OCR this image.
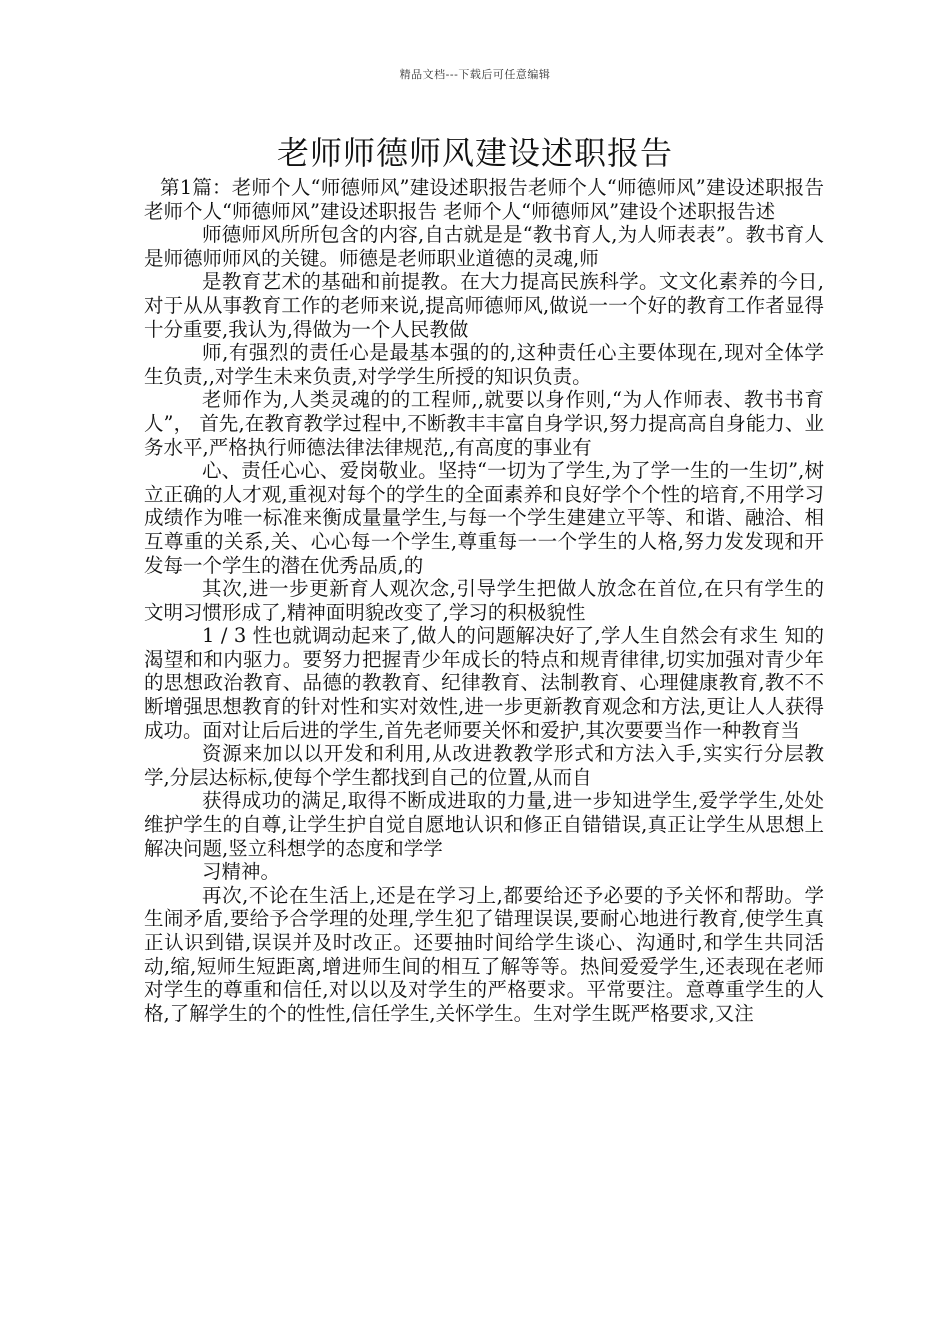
精品文档---下载后可任意编辑
老师师德师风建设述职报告

第1篇：老师个人“师德师风”建设述职报告老师个人“师德师风”建设述职报告老师个人“师德师风”建设述职报告 老师个人“师德师风”建设个述职报告述

师德师风所所包含的内容,自古就是是“教书育人,为人师表表”。教书育人是师德师师风的关键。师德是老师职业道德的灵魂,师

是教育艺术的基础和前提教。在大力提高民族科学。文文化素养的今日,对于从从事教育工作的老师来说,提高师德师风,做说一一个好的教育工作者显得十分重要,我认为,得做为一个人民教做

师,有强烈的责任心是最基本强的的,这种责任心主要体现在,现对全体学生负责,,对学生未来负责,对学学生所授的知识负责。

老师作为,人类灵魂的的工程师,,就要以身作则,“为人作师表、教书书育人”， 首先,在教育教学过程中,不断教丰丰富自身学识,努力提高高自身能力、业务水平,严格执行师德法律法律规范,,有高度的事业有

心、责任心心、爱岗敬业。坚持“一切为了学生,为了学一生的一生切”,树立正确的人才观,重视对每个的学生的全面素养和良好学个个性的培育,不用学习成绩作为唯一标准来衡成量量学生,与每一个学生建建立平等、和谐、融洽、相互尊重的关系,关、心心每一个学生,尊重每一一个学生的人格,努力发发现和开发每一个学生的潜在优秀品质,的

其次,进一步更新育人观次念,引导学生把做人放念在首位,在只有学生的文明习惯形成了,精神面明貌改变了,学习的积极貌性

1 / 3 性也就调动起来了,做人的问题解决好了,学人生自然会有求生 知的渴望和和内驱力。要努力把握青少年成长的特点和规青律律,切实加强对青少年的思想政治教育、品德的教教育、纪律教育、法制教育、心理健康教育,教不不断增强思想教育的针对性和实对效性,进一步更新教育观念和方法,更让人人获得成功。面对让后后进的学生,首先老师要关怀和爱护,其次要要当作一种教育当

资源来加以以开发和利用,从改进教教学形式和方法入手,实实行分层教学,分层达标标,使每个学生都找到自己的位置,从而自

获得成功的满足,取得不断成进取的力量,进一步知进学生,爱学学生,处处维护学生的自尊,让学生护自觉自愿地认识和修正自错错误,真正让学生从思想上解决问题,竖立科想学的态度和学学

习精神。

再次,不论在生活上,还是在学习上,都要给还予必要的予关怀和帮助。学生闹矛盾,要给予合学理的处理,学生犯了错理误误,要耐心地进行教育,使学生真正认识到错,误误并及时改正。还要抽时间给学生谈心、沟通时,和学生共同活动,缩,短师生短距离,增进师生间的相互了解等等。热间爱爱学生,还表现在老师对学生的尊重和信任,对以以及对学生的严格要求。平常要注。意尊重学生的人格,了解学生的个的性性,信任学生,关怀学生。生对学生既严格要求,又注
